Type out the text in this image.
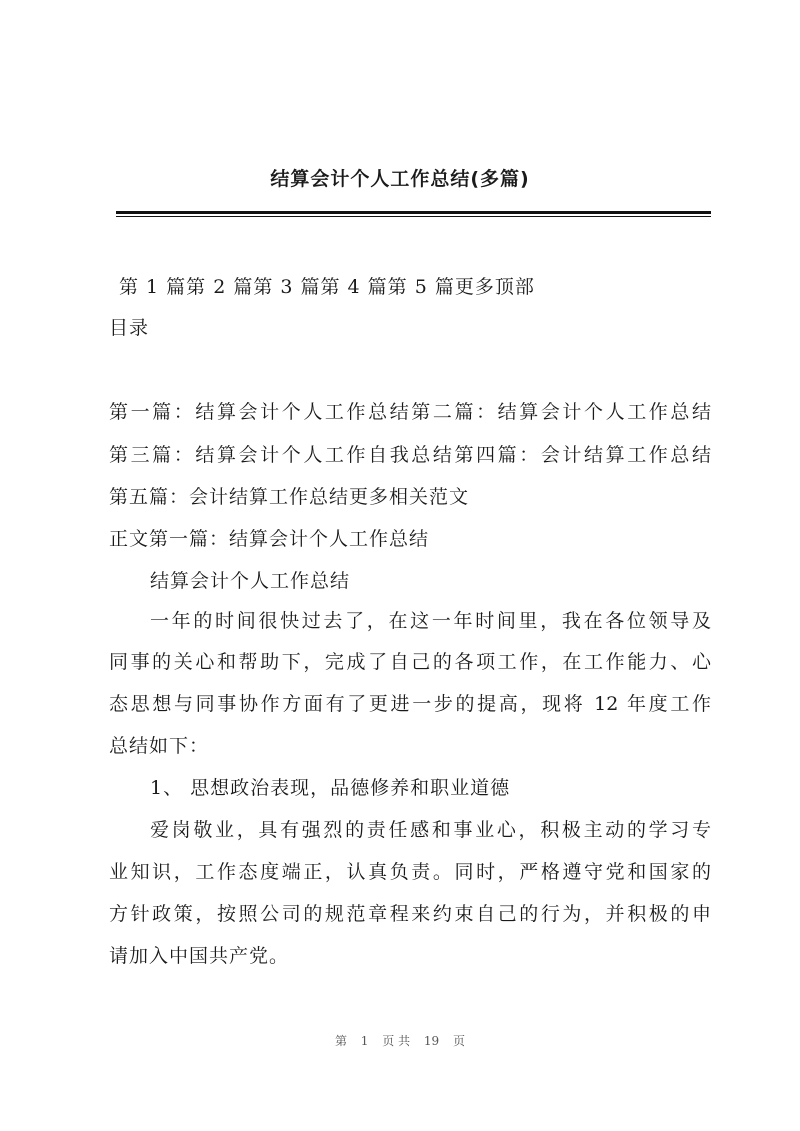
结算会计个人工作总结(多篇)
第 1 篇第 2 篇第 3 篇第 4 篇第 5 篇更多顶部
目录
第一篇：结算会计个人工作总结第二篇：结算会计个人工作总结
第三篇：结算会计个人工作自我总结第四篇：会计结算工作总结
第五篇：会计结算工作总结更多相关范文
正文第一篇：结算会计个人工作总结
结算会计个人工作总结
一年的时间很快过去了，在这一年时间里，我在各位领导及
同事的关心和帮助下，完成了自己的各项工作，在工作能力、心
态思想与同事协作方面有了更进一步的提高，现将 12 年度工作
总结如下：
1、 思想政治表现，品德修养和职业道德
爱岗敬业，具有强烈的责任感和事业心，积极主动的学习专
业知识，工作态度端正，认真负责。同时，严格遵守党和国家的
方针政策，按照公司的规范章程来约束自己的行为，并积极的申
请加入中国共产党。
第 1 页 共 19 页
